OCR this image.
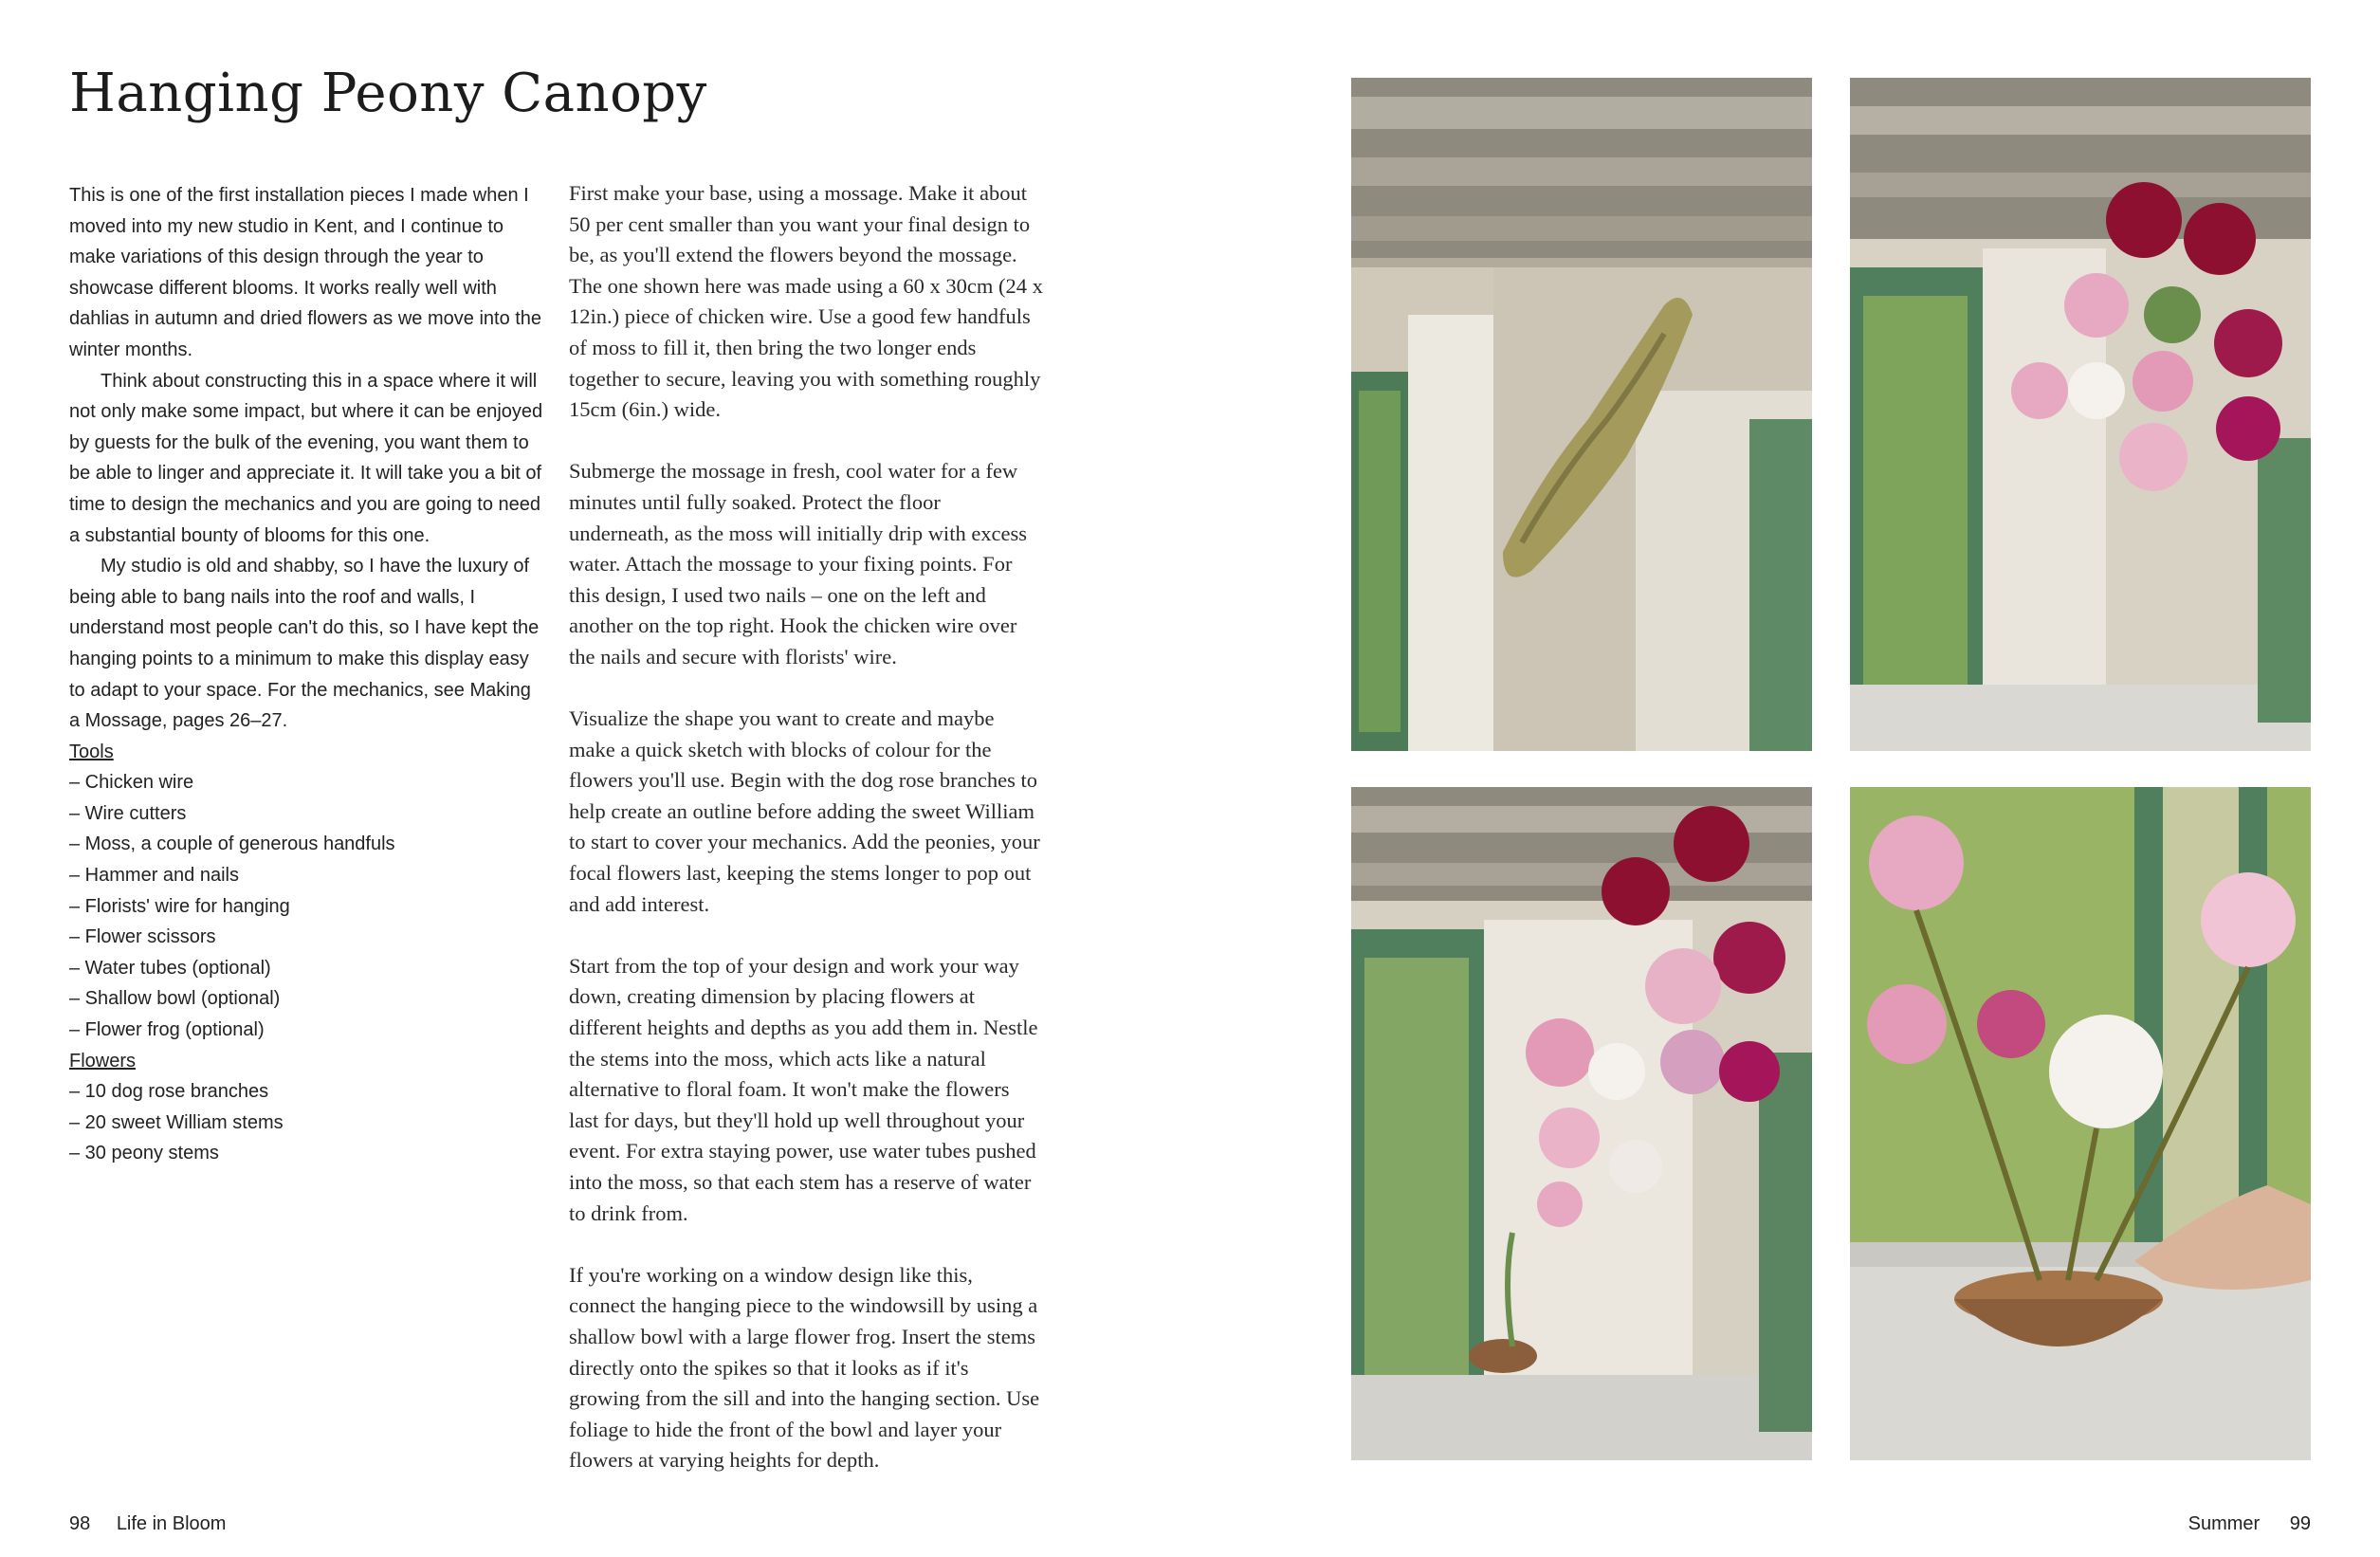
Hanging Peony Canopy

This is one of the first installation pieces I made when I moved into my new studio in Kent, and I continue to make variations of this design through the year to showcase different blooms. It works really well with dahlias in autumn and dried flowers as we move into the winter months.

Think about constructing this in a space where it will not only make some impact, but where it can be enjoyed by guests for the bulk of the evening, you want them to be able to linger and appreciate it. It will take you a bit of time to design the mechanics and you are going to need a substantial bounty of blooms for this one.

My studio is old and shabby, so I have the luxury of being able to bang nails into the roof and walls, I understand most people can't do this, so I have kept the hanging points to a minimum to make this display easy to adapt to your space. For the mechanics, see Making a Mossage, pages 26–27.

Tools

– Chicken wire
– Wire cutters
– Moss, a couple of generous handfuls
– Hammer and nails
– Florists' wire for hanging
– Flower scissors
– Water tubes (optional)
– Shallow bowl (optional)
– Flower frog (optional)

Flowers

– 10 dog rose branches
– 20 sweet William stems
– 30 peony stems

First make your base, using a mossage. Make it about 50 per cent smaller than you want your final design to be, as you'll extend the flowers beyond the mossage. The one shown here was made using a 60 x 30cm (24 x 12in.) piece of chicken wire. Use a good few handfuls of moss to fill it, then bring the two longer ends together to secure, leaving you with something roughly 15cm (6in.) wide.

Submerge the mossage in fresh, cool water for a few minutes until fully soaked. Protect the floor underneath, as the moss will initially drip with excess water. Attach the mossage to your fixing points. For this design, I used two nails – one on the left and another on the top right. Hook the chicken wire over the nails and secure with florists' wire.

Visualize the shape you want to create and maybe make a quick sketch with blocks of colour for the flowers you'll use. Begin with the dog rose branches to help create an outline before adding the sweet William to start to cover your mechanics. Add the peonies, your focal flowers last, keeping the stems longer to pop out and add interest.

Start from the top of your design and work your way down, creating dimension by placing flowers at different heights and depths as you add them in. Nestle the stems into the moss, which acts like a natural alternative to floral foam. It won't make the flowers last for days, but they'll hold up well throughout your event. For extra staying power, use water tubes pushed into the moss, so that each stem has a reserve of water to drink from.

If you're working on a window design like this, connect the hanging piece to the windowsill by using a shallow bowl with a large flower frog. Insert the stems directly onto the spikes so that it looks as if it's growing from the sill and into the hanging section. Use foliage to hide the front of the bowl and layer your flowers at varying heights for depth.

98 Life in Bloom	Summer 99
